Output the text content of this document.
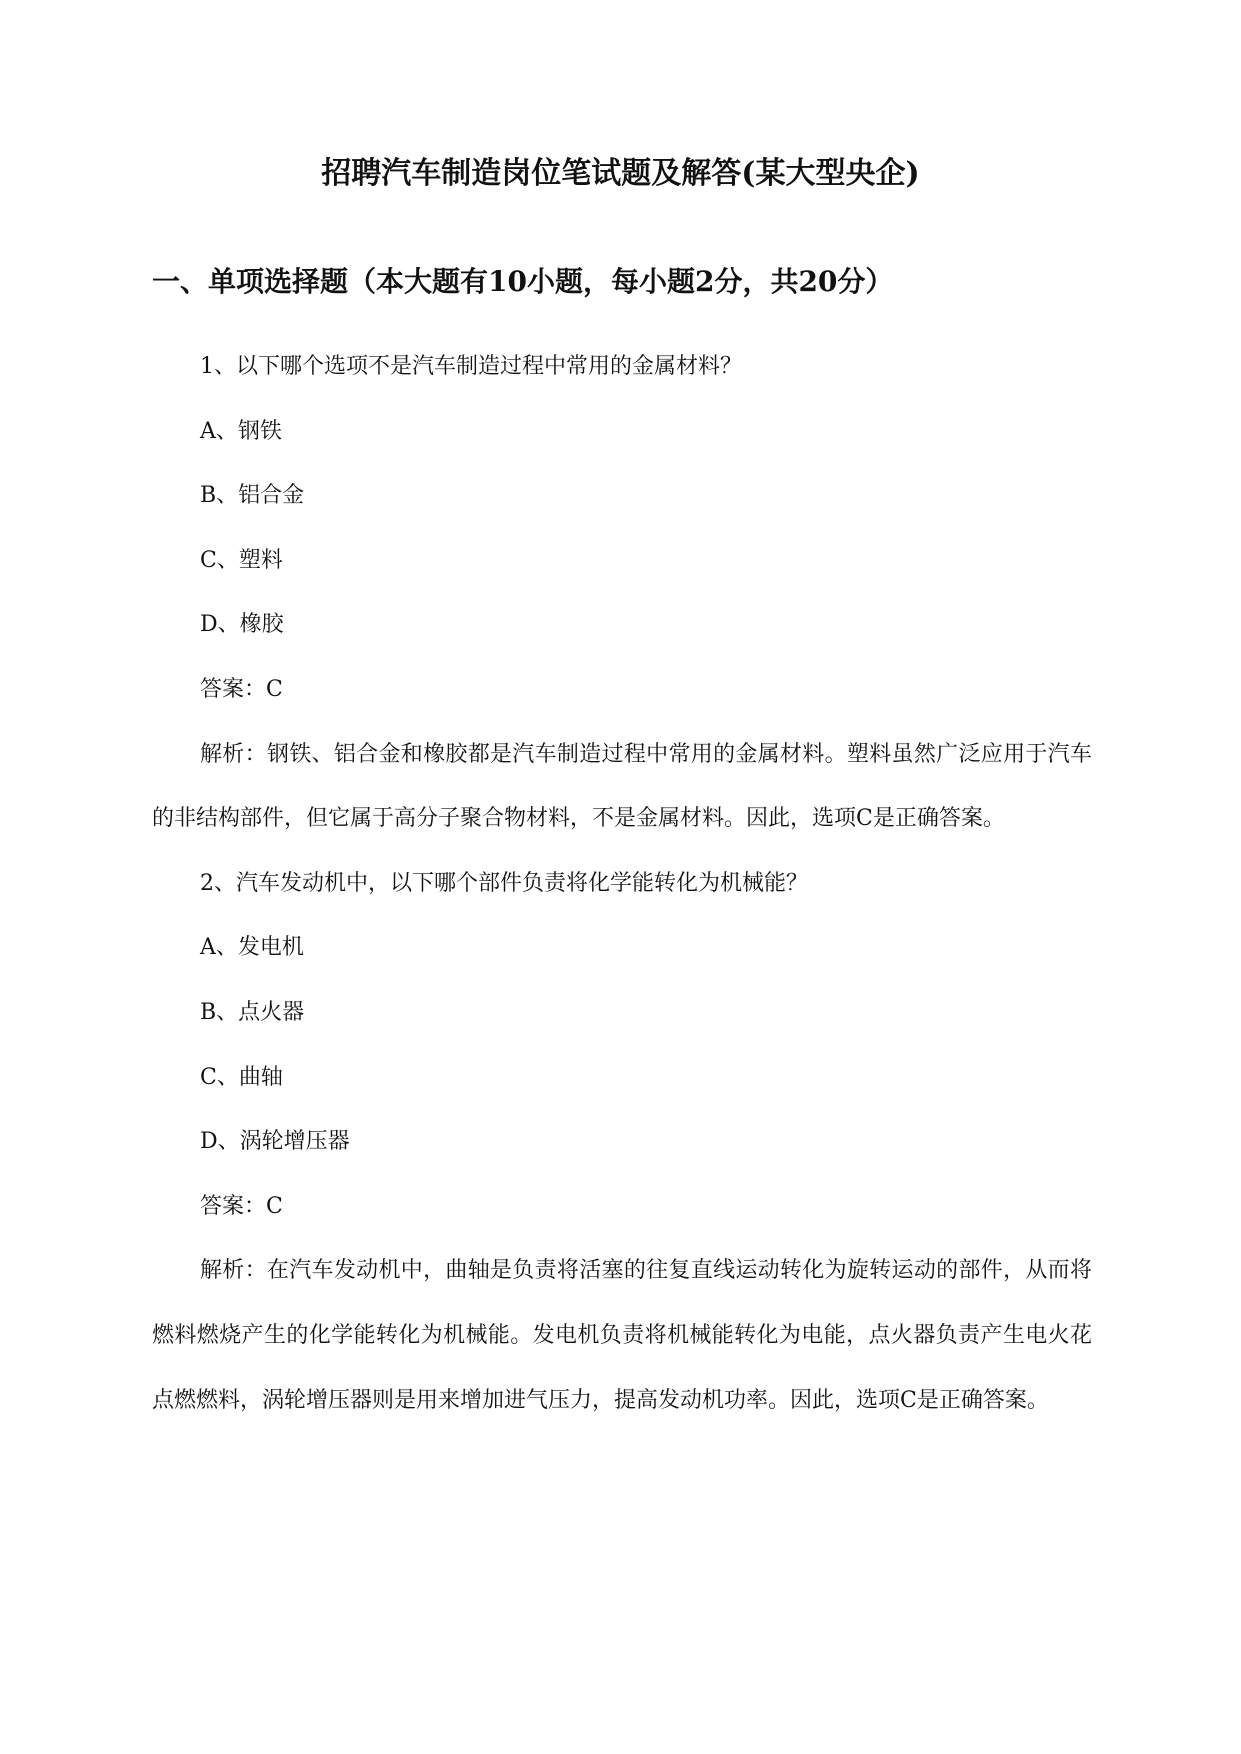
招聘汽车制造岗位笔试题及解答(某大型央企)
一、单项选择题（本大题有10小题，每小题2分，共20分）
1、以下哪个选项不是汽车制造过程中常用的金属材料？
A、钢铁
B、铝合金
C、塑料
D、橡胶
答案：C

解析：钢铁、铝合金和橡胶都是汽车制造过程中常用的金属材料。塑料虽然广泛应用于汽车的非结构部件，但它属于高分子聚合物材料，不是金属材料。因此，选项C是正确答案。

2、汽车发动机中，以下哪个部件负责将化学能转化为机械能？
A、发电机
B、点火器
C、曲轴
D、涡轮增压器
答案：C

解析：在汽车发动机中，曲轴是负责将活塞的往复直线运动转化为旋转运动的部件，从而将燃料燃烧产生的化学能转化为机械能。发电机负责将机械能转化为电能，点火器负责产生电火花点燃燃料，涡轮增压器则是用来增加进气压力，提高发动机功率。因此，选项C是正确答案。
